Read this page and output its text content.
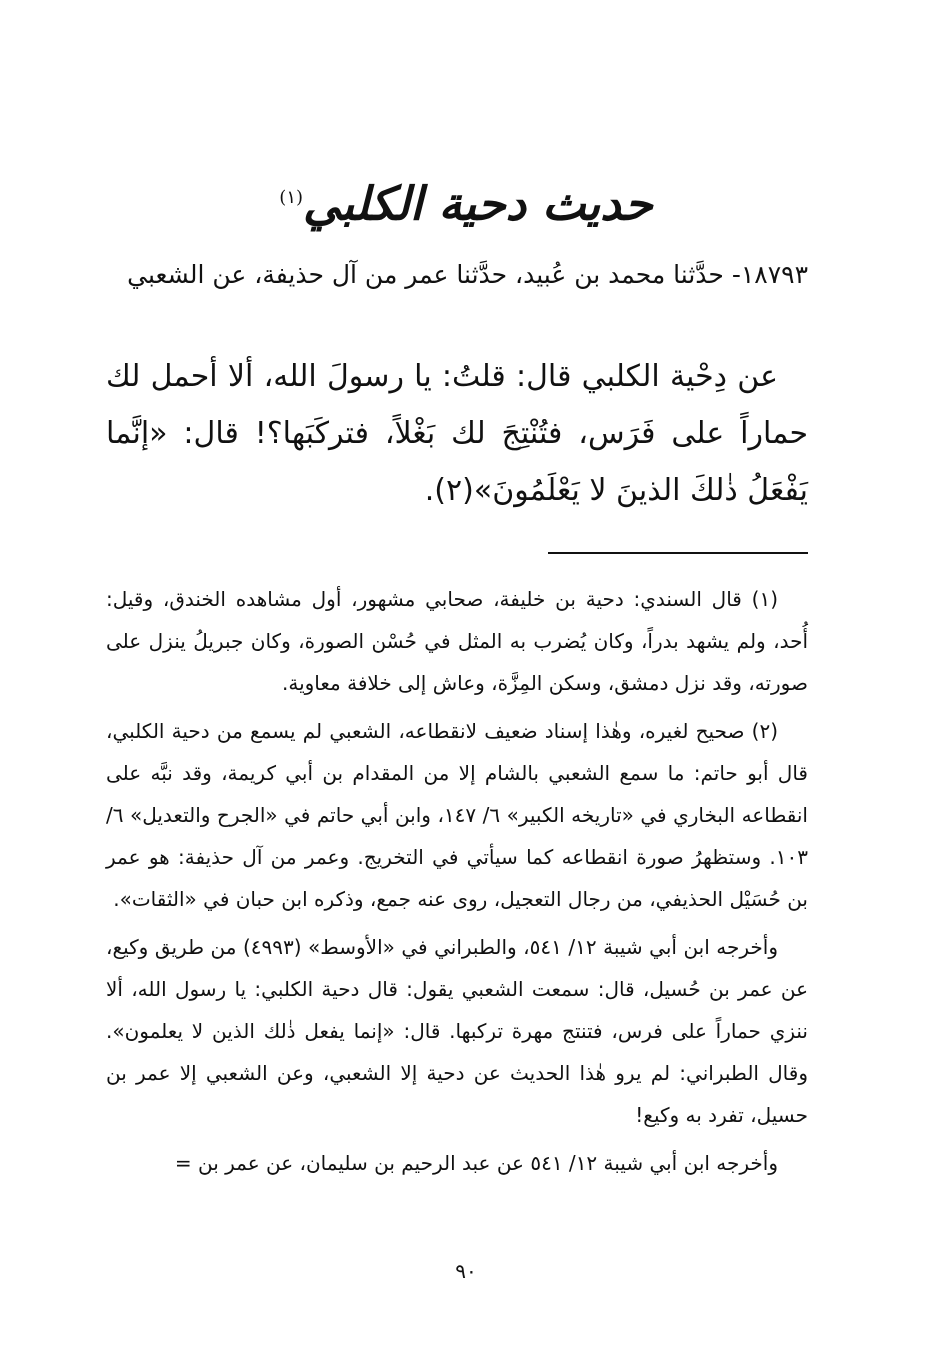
حديث دحية الكلبي$^{(١)}$
١٨٧٩٣- حدَّثنا محمد بن عُبيد، حدَّثنا عمر من آل حذيفة، عن الشعبي
عن دِحْية الكلبي قال: قلتُ: يا رسولَ الله، ألا أحمل لك حماراً على فَرَس، فتُنْتِجَ لك بَغْلاً، فتركَبَها؟! قال: «إنَّما يَفْعَلُ ذٰلكَ الذينَ لا يَعْلَمُونَ»(٢).

(١) قال السندي: دحية بن خليفة، صحابي مشهور، أول مشاهده الخندق، وقيل: أُحد، ولم يشهد بدراً، وكان يُضرب به المثل في حُسْن الصورة، وكان جبريلُ ينزل على صورته، وقد نزل دمشق، وسكن المِزَّة، وعاش إلى خلافة معاوية.

(٢) صحيح لغيره، وهٰذا إسناد ضعيف لانقطاعه، الشعبي لم يسمع من دحية الكلبي، قال أبو حاتم: ما سمع الشعبي بالشام إلا من المقدام بن أبي كريمة، وقد نبَّه على انقطاعه البخاري في «تاريخه الكبير» ٦/ ١٤٧، وابن أبي حاتم في «الجرح والتعديل» ٦/ ١٠٣. وستظهرُ صورة انقطاعه كما سيأتي في التخريج. وعمر من آل حذيفة: هو عمر بن حُسَيْل الحذيفي، من رجال التعجيل، روى عنه جمع، وذكره ابن حبان في «الثقات».

وأخرجه ابن أبي شيبة ١٢/ ٥٤١، والطبراني في «الأوسط» (٤٩٩٣) من طريق وكيع، عن عمر بن حُسيل، قال: سمعت الشعبي يقول: قال دحية الكلبي: يا رسول الله، ألا ننزي حماراً على فرس، فتنتج مهرة تركبها. قال: «إنما يفعل ذٰلك الذين لا يعلمون». وقال الطبراني: لم يرو هٰذا الحديث عن دحية إلا الشعبي، وعن الشعبي إلا عمر بن حسيل، تفرد به وكيع!

وأخرجه ابن أبي شيبة ١٢/ ٥٤١ عن عبد الرحيم بن سليمان، عن عمر بن =

٩٠
